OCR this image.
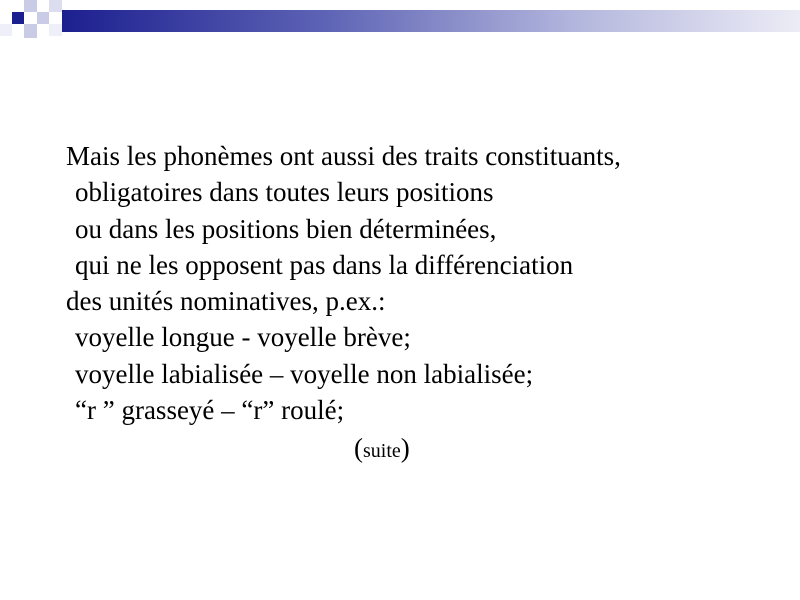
Mais les phonèmes ont aussi des traits constituants,
obligatoires dans toutes leurs positions
ou dans les positions bien déterminées,
qui ne les opposent pas dans la différenciation
des unités nominatives, p.ex.:
voyelle longue - voyelle brève;
voyelle labialisée – voyelle non labialisée;
“r ” grasseyé – “r” roulé;
(suite)
